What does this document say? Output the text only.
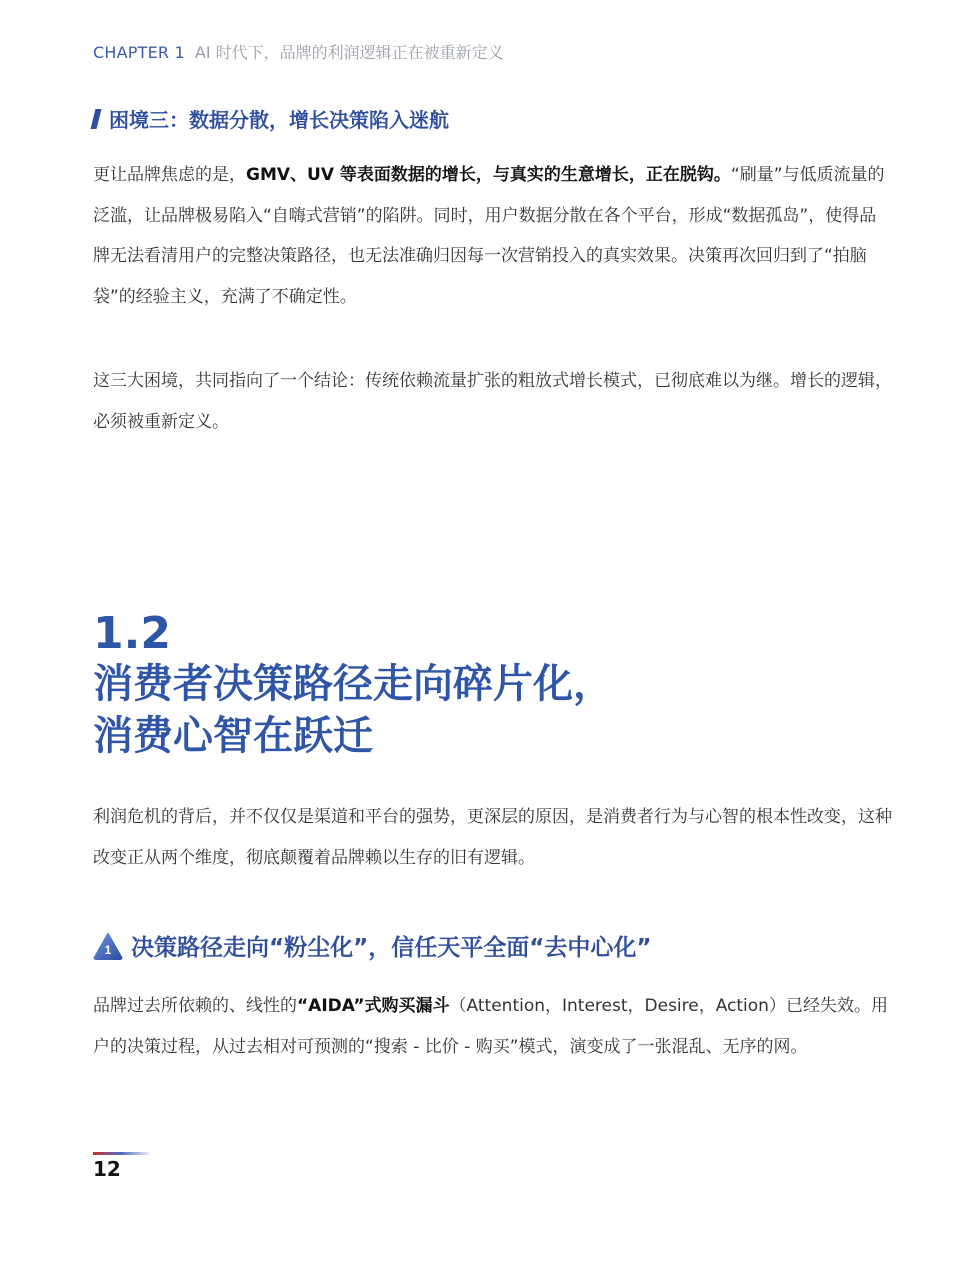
CHAPTER 1 AI 时代下，品牌的利润逻辑正在被重新定义
困境三：数据分散，增长决策陷入迷航

更让品牌焦虑的是，GMV、UV 等表面数据的增长，与真实的生意增长，正在脱钩。“刷量”与低质流量的泛滥，让品牌极易陷入“自嗨式营销”的陷阱。同时，用户数据分散在各个平台，形成“数据孤岛”，使得品牌无法看清用户的完整决策路径，也无法准确归因每一次营销投入的真实效果。决策再次回归到了“拍脑袋”的经验主义，充满了不确定性。

这三大困境，共同指向了一个结论：传统依赖流量扩张的粗放式增长模式，已彻底难以为继。增长的逻辑，必须被重新定义。

1.2
消费者决策路径走向碎片化，
消费心智在跃迁

利润危机的背后，并不仅仅是渠道和平台的强势，更深层的原因，是消费者行为与心智的根本性改变，这种改变正从两个维度，彻底颠覆着品牌赖以生存的旧有逻辑。

1 决策路径走向“粉尘化”，信任天平全面“去中心化”

品牌过去所依赖的、线性的“AIDA”式购买漏斗（Attention，Interest，Desire，Action）已经失效。用户的决策过程，从过去相对可预测的“搜索 - 比价 - 购买”模式，演变成了一张混乱、无序的网。

12
